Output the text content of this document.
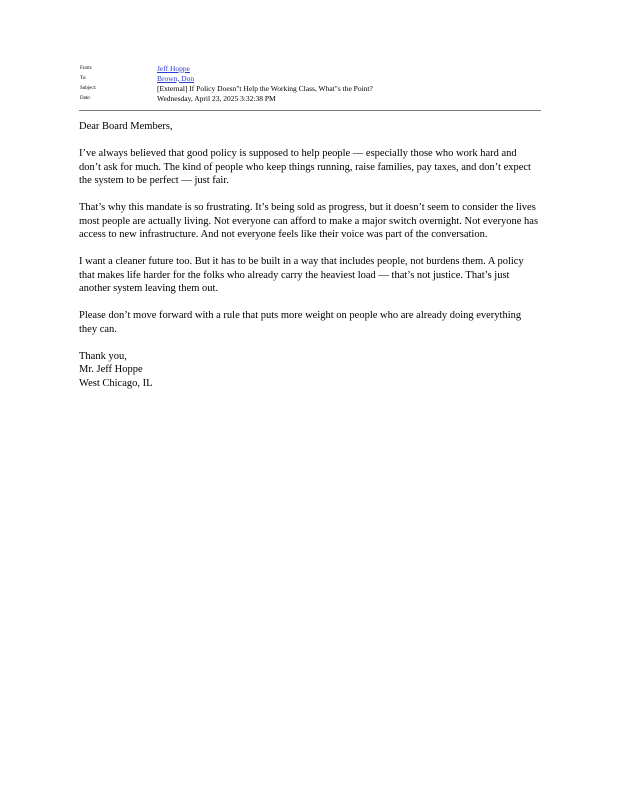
From:	Jeff Hoppe
To:	Brown, Don
Subject:	[External] If Policy Doesn"t Help the Working Class, What"s the Point?
Date:	Wednesday, April 23, 2025 3:32:38 PM

Dear Board Members,

I’ve always believed that good policy is supposed to help people — especially those who work hard and don’t ask for much. The kind of people who keep things running, raise families, pay taxes, and don’t expect the system to be perfect — just fair.

That’s why this mandate is so frustrating. It’s being sold as progress, but it doesn’t seem to consider the lives most people are actually living. Not everyone can afford to make a major switch overnight. Not everyone has access to new infrastructure. And not everyone feels like their voice was part of the conversation.

I want a cleaner future too. But it has to be built in a way that includes people, not burdens them. A policy that makes life harder for the folks who already carry the heaviest load — that’s not justice. That’s just another system leaving them out.

Please don’t move forward with a rule that puts more weight on people who are already doing everything they can.

Thank you,
Mr. Jeff Hoppe
West Chicago, IL
